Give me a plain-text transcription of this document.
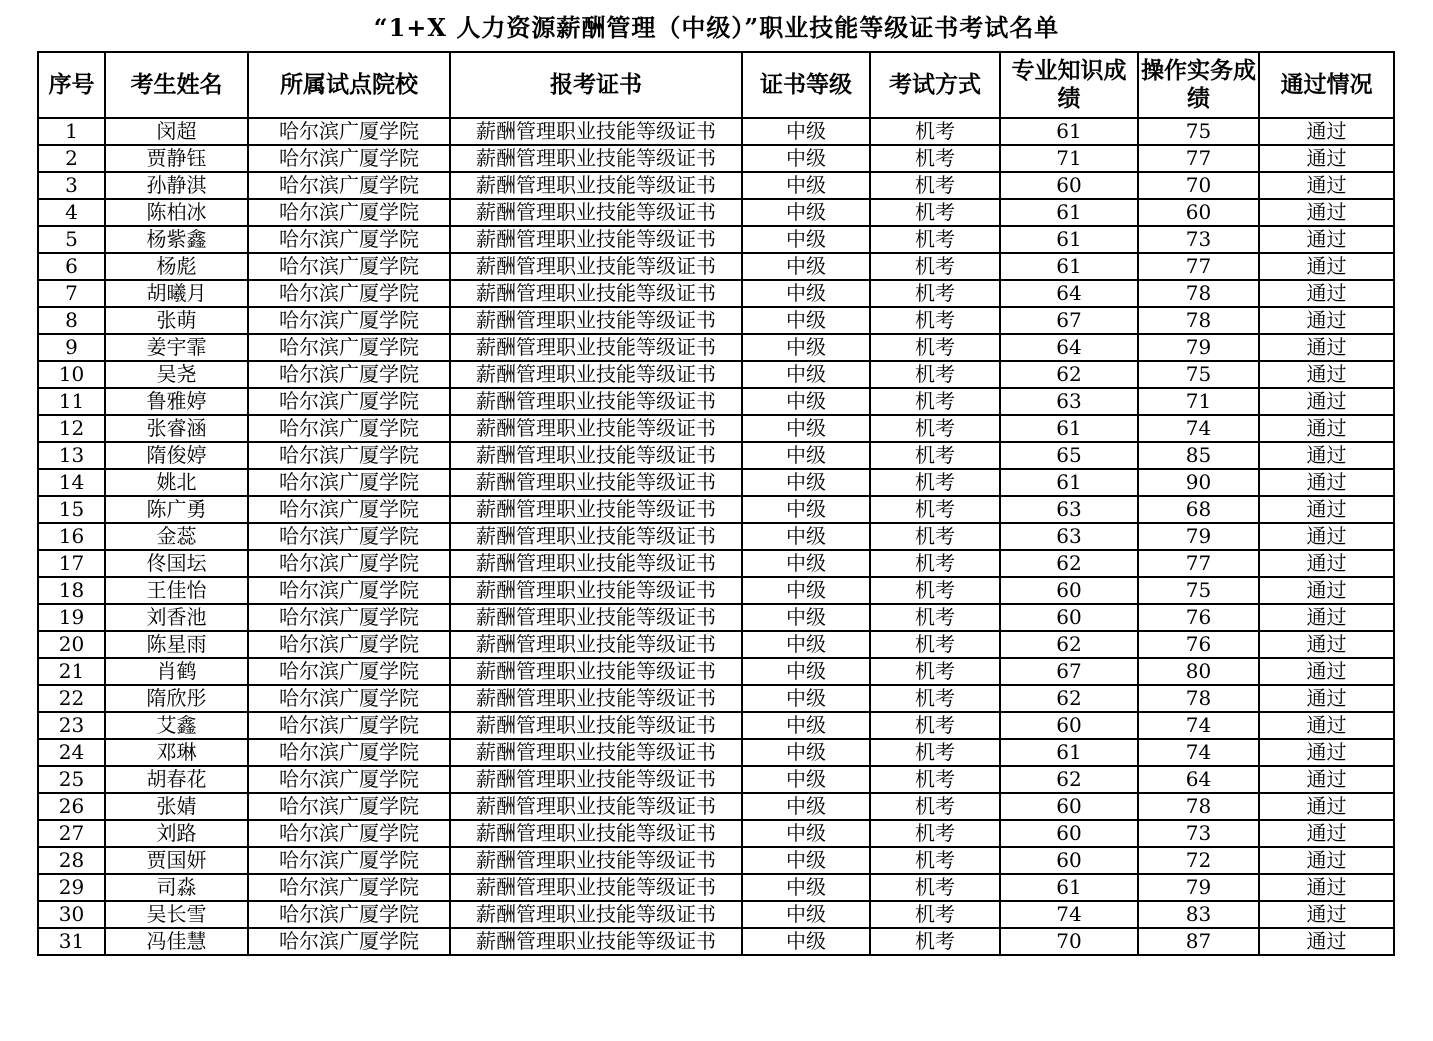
“1+X 人力资源薪酬管理（中级）”职业技能等级证书考试名单
序号	考生姓名	所属试点院校	报考证书	证书等级	考试方式	专业知识成绩	操作实务成绩	通过情况
1	闵超	哈尔滨广厦学院	薪酬管理职业技能等级证书	中级	机考	61	75	通过
2	贾静钰	哈尔滨广厦学院	薪酬管理职业技能等级证书	中级	机考	71	77	通过
3	孙静淇	哈尔滨广厦学院	薪酬管理职业技能等级证书	中级	机考	60	70	通过
4	陈柏冰	哈尔滨广厦学院	薪酬管理职业技能等级证书	中级	机考	61	60	通过
5	杨紫鑫	哈尔滨广厦学院	薪酬管理职业技能等级证书	中级	机考	61	73	通过
6	杨彪	哈尔滨广厦学院	薪酬管理职业技能等级证书	中级	机考	61	77	通过
7	胡曦月	哈尔滨广厦学院	薪酬管理职业技能等级证书	中级	机考	64	78	通过
8	张萌	哈尔滨广厦学院	薪酬管理职业技能等级证书	中级	机考	67	78	通过
9	姜宇霏	哈尔滨广厦学院	薪酬管理职业技能等级证书	中级	机考	64	79	通过
10	吴尧	哈尔滨广厦学院	薪酬管理职业技能等级证书	中级	机考	62	75	通过
11	鲁雅婷	哈尔滨广厦学院	薪酬管理职业技能等级证书	中级	机考	63	71	通过
12	张睿涵	哈尔滨广厦学院	薪酬管理职业技能等级证书	中级	机考	61	74	通过
13	隋俊婷	哈尔滨广厦学院	薪酬管理职业技能等级证书	中级	机考	65	85	通过
14	姚北	哈尔滨广厦学院	薪酬管理职业技能等级证书	中级	机考	61	90	通过
15	陈广勇	哈尔滨广厦学院	薪酬管理职业技能等级证书	中级	机考	63	68	通过
16	金蕊	哈尔滨广厦学院	薪酬管理职业技能等级证书	中级	机考	63	79	通过
17	佟国坛	哈尔滨广厦学院	薪酬管理职业技能等级证书	中级	机考	62	77	通过
18	王佳怡	哈尔滨广厦学院	薪酬管理职业技能等级证书	中级	机考	60	75	通过
19	刘香池	哈尔滨广厦学院	薪酬管理职业技能等级证书	中级	机考	60	76	通过
20	陈星雨	哈尔滨广厦学院	薪酬管理职业技能等级证书	中级	机考	62	76	通过
21	肖鹤	哈尔滨广厦学院	薪酬管理职业技能等级证书	中级	机考	67	80	通过
22	隋欣彤	哈尔滨广厦学院	薪酬管理职业技能等级证书	中级	机考	62	78	通过
23	艾鑫	哈尔滨广厦学院	薪酬管理职业技能等级证书	中级	机考	60	74	通过
24	邓琳	哈尔滨广厦学院	薪酬管理职业技能等级证书	中级	机考	61	74	通过
25	胡春花	哈尔滨广厦学院	薪酬管理职业技能等级证书	中级	机考	62	64	通过
26	张婧	哈尔滨广厦学院	薪酬管理职业技能等级证书	中级	机考	60	78	通过
27	刘路	哈尔滨广厦学院	薪酬管理职业技能等级证书	中级	机考	60	73	通过
28	贾国妍	哈尔滨广厦学院	薪酬管理职业技能等级证书	中级	机考	60	72	通过
29	司淼	哈尔滨广厦学院	薪酬管理职业技能等级证书	中级	机考	61	79	通过
30	吴长雪	哈尔滨广厦学院	薪酬管理职业技能等级证书	中级	机考	74	83	通过
31	冯佳慧	哈尔滨广厦学院	薪酬管理职业技能等级证书	中级	机考	70	87	通过
